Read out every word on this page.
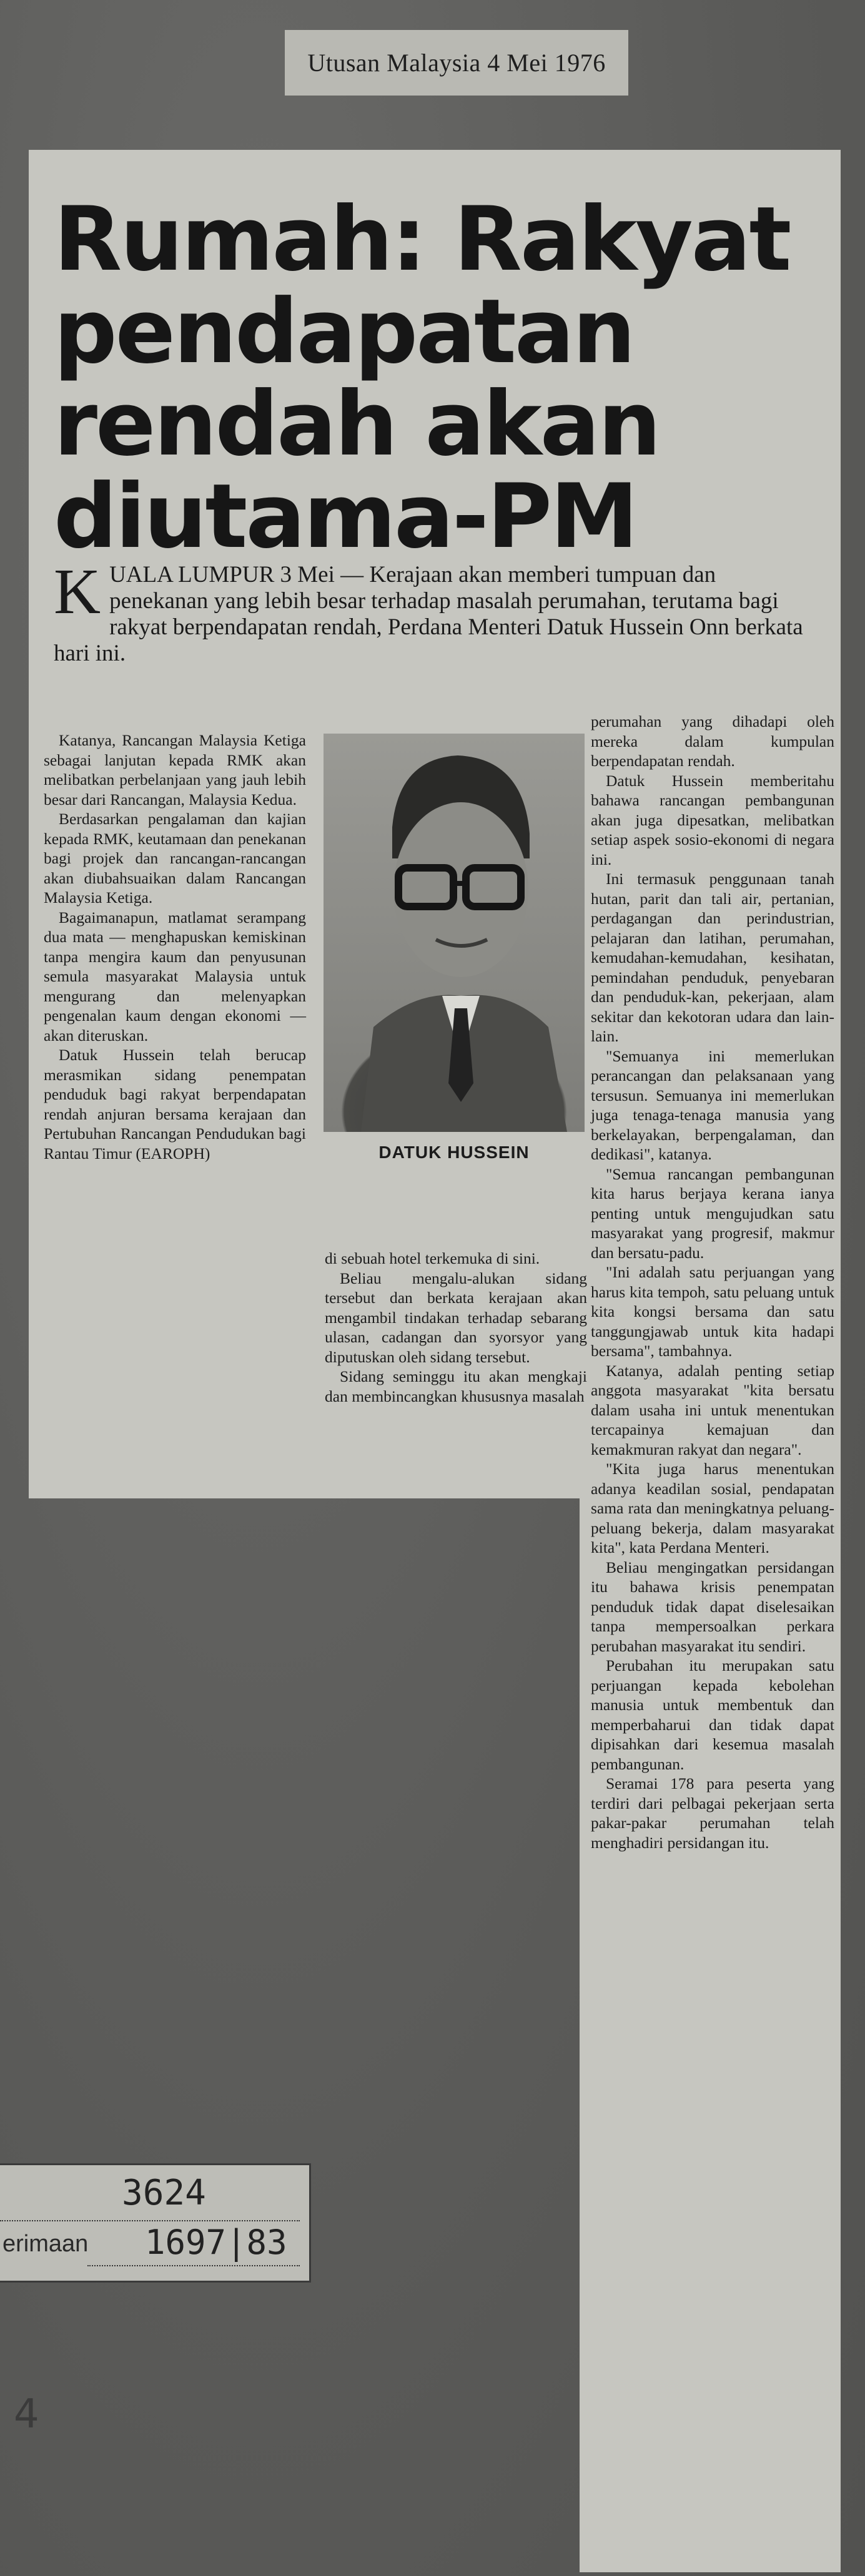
Utusan Malaysia 4 Mei 1976
Rumah: Rakyat pendapatan rendah akan diutama-PM

KUALA LUMPUR 3 Mei — Kerajaan akan memberi tumpuan dan penekanan yang lebih besar terhadap masalah perumahan, terutama bagi rakyat berpendapatan rendah, Perdana Menteri Datuk Hussein Onn berkata hari ini.

Katanya, Rancangan Malaysia Ketiga sebagai lanjutan kepada RMK akan melibatkan perbelanjaan yang jauh lebih besar dari Rancangan, Malaysia Kedua.

Berdasarkan pengalaman dan kajian kepada RMK, keutamaan dan penekanan bagi projek dan rancangan-rancangan akan diubahsuaikan dalam Rancangan Malaysia Ketiga.

Bagaimanapun, matlamat serampang dua mata — menghapuskan kemiskinan tanpa mengira kaum dan penyusunan semula masyarakat Malaysia untuk mengurang dan melenyapkan pengenalan kaum dengan ekonomi — akan diteruskan.

Datuk Hussein telah berucap merasmikan sidang penempatan penduduk bagi rakyat berpendapatan rendah anjuran bersama kerajaan dan Pertubuhan Rancangan Pendudukan bagi Rantau Timur (EAROPH)	DATUK HUSSEIN

di sebuah hotel terkemuka di sini.

Beliau mengalu-alukan sidang tersebut dan berkata kerajaan akan mengambil tindakan terhadap sebarang ulasan, cadangan dan syorsyor yang diputuskan oleh sidang tersebut.

Sidang seminggu itu akan mengkaji dan membincangkan khususnya masalah

perumahan yang dihadapi oleh mereka dalam kumpulan berpendapatan rendah.

Datuk Hussein memberitahu bahawa rancangan pembangunan akan juga dipesatkan, melibatkan setiap aspek sosio-ekonomi di negara ini.

Ini termasuk penggunaan tanah hutan, parit dan tali air, pertanian, perdagangan dan perindustrian, pelajaran dan latihan, perumahan, kemudahan-kemudahan, kesihatan, pemindahan penduduk, penyebaran dan penduduk-kan, pekerjaan, alam sekitar dan kekotoran udara dan lain-lain.

"Semuanya ini memerlukan perancangan dan pelaksanaan yang tersusun. Semuanya ini memerlukan juga tenaga-tenaga manusia yang berkelayakan, berpengalaman, dan dedikasi", katanya.

"Semua rancangan pembangunan kita harus berjaya kerana ianya penting untuk mengujudkan satu masyarakat yang progresif, makmur dan bersatu-padu.

"Ini adalah satu perjuangan yang harus kita tempoh, satu peluang untuk kita kongsi bersama dan satu tanggungjawab untuk kita hadapi bersama", tambahnya.

Katanya, adalah penting setiap anggota masyarakat "kita bersatu dalam usaha ini untuk menentukan tercapainya kemajuan dan kemakmuran rakyat dan negara".

"Kita juga harus menentukan adanya keadilan sosial, pendapatan sama rata dan meningkatnya peluang-peluang bekerja, dalam masyarakat kita", kata Perdana Menteri.

Beliau mengingatkan persidangan itu bahawa krisis penempatan penduduk tidak dapat diselesaikan tanpa mempersoalkan perkara perubahan masyarakat itu sendiri.

Perubahan itu merupakan satu perjuangan kepada kebolehan manusia untuk membentuk dan memperbaharui dan tidak dapat dipisahkan dari kesemua masalah pembangunan.

Seramai 178 para peserta yang terdiri dari pelbagai pekerjaan serta pakar-pakar perumahan telah menghadiri persidangan itu.

3624
erimaan 1697|83
4
